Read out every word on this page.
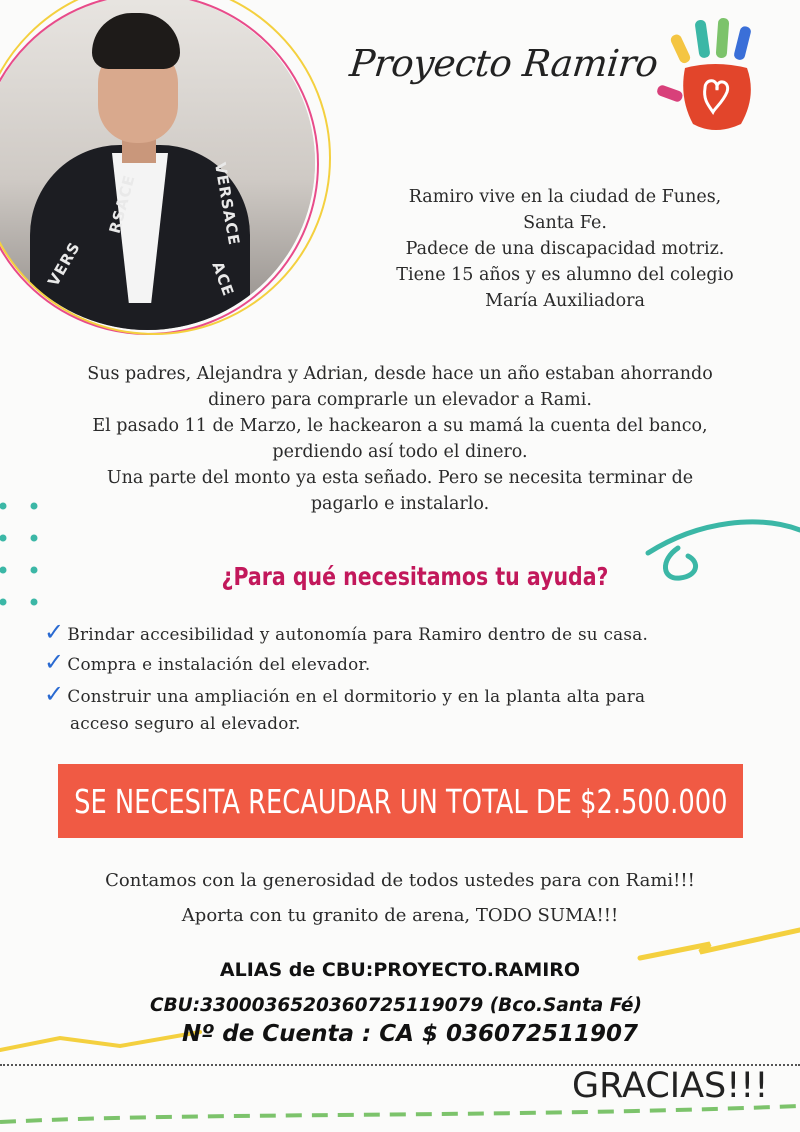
RSACE	VERSACE
VERS	ACE
Proyecto Ramiro
Ramiro vive en la ciudad de Funes,
Santa Fe.
Padece de una discapacidad motriz.
Tiene 15 años y es alumno del colegio
María Auxiliadora
Sus padres, Alejandra y Adrian, desde hace un año estaban ahorrando
dinero para comprarle un elevador a Rami.
El pasado 11 de Marzo, le hackearon a su mamá la cuenta del banco,
perdiendo así todo el dinero.
Una parte del monto ya esta señado. Pero se necesita terminar de
pagarlo e instalarlo.
¿Para qué necesitamos tu ayuda?
✓ Brindar accesibilidad y autonomía para Ramiro dentro de su casa.
✓ Compra e instalación del elevador.
✓ Construir una ampliación en el dormitorio y en la planta alta para
acceso seguro al elevador.
SE NECESITA RECAUDAR UN TOTAL DE $2.500.000
Contamos con la generosidad de todos ustedes para con Rami!!!
Aporta con tu granito de arena, TODO SUMA!!!
ALIAS de CBU:PROYECTO.RAMIRO
CBU:3300036520360725119079 (Bco.Santa Fé)
Nº de Cuenta : CA $ 036072511907
GRACIAS!!!
